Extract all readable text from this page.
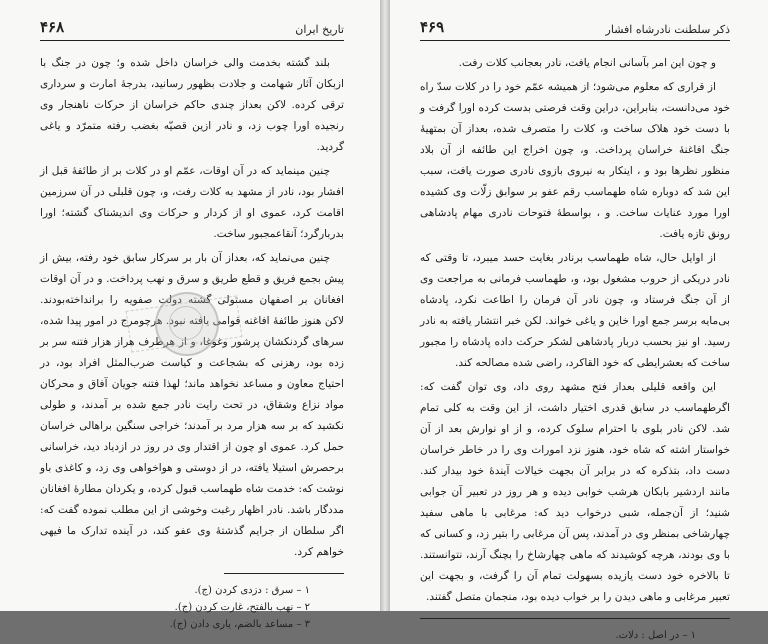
۴۶۸	تاریخ ایران

بلند گشته بخدمت والی خراسان داخل شده و؛ چون در جنگ با ازبکان آثار شهامت و جلادت بظهور رسانید، بدرجهٔ امارت و سرداری ترقی کرده. لاکن بعداز چندی حاکم خراسان از حرکات ناهنجار وی رنجیده اورا چوب زد، و نادر ازین قصیّه بغضب رفته متمرّد و یاغی گردید.

چنین مینماید که در آن اوقات، عمّم او در کلات بر از طائفهٔ قبل از افشار بود، نادر از مشهد به کلات رفت، و، چون قلبلی در آن سرزمین اقامت کرد، عموی او از کردار و حرکات وی اندیشناک گشته؛ اورا بدربارگرد؛ آنقاعمجبور ساخت.

چنین می‌نماید که، بعداز آن بار بر سرکار سابق خود رفته، بیش از پیش بجمع فریق و قطع طریق و سرق و نهب پرداخت. و در آن اوقات افغانان بر اصفهان مستولی گشته دولت صفویه را برانداخته‌بودند. لاکن هنوز طائفهٔ افاغنه قوامی یافته نبود. هرچومرج در امور پیدا شده، سرهای گردنکشان پرشور وغوغا، و از هرطرف هراز هزار فتنه سر بر زده بود، رهزنی که بشجاعت و کیاست ضرب‌المثل افراد بود، در احتیاج معاون و مساعد نخواهد ماند؛ لهذا فتنه جویان آفاق و محرکان مواد نزاع وشقاق، در تحت رایت نادر جمع شده بر آمدند، و طولی نکشید که بر سه هزار مرد بر آمدند؛ خراجی سنگین براهالی خراسان حمل کرد. عموی او چون از اقتدار وی در روز در ازدیاد دید، خراسانی برحصرش استیلا یافته، در از دوستی و هواخواهی وی زد، و کاغذی باو نوشت که: خدمت شاه طهماسب قبول کرده، و یکردان مطارهٔ افغانان مددگار باشد. نادر اظهار رغبت وخوشی از این مطلب نموده گفت که: اگر سلطان از جرایم گذشتهٔ وی عفو کند، در آینده تدارک ما فیهی خواهم کرد.

۱ – سرق : دزدی کردن (ج).
۲ – نهب بالفتح، غارت کردن (ج).
۳ – مساعد بالضم، یاری دادن (ج).
۴۶۹	ذکر سلطنت نادرشاه افشار

و چون این امر بآسانی انجام یافت، نادر بعجانب کلات رفت.

از قراری که معلوم می‌شود؛ از همیشه عمّم خود را در کلات سدّ راه خود می‌دانست، بنابراین، دراین وقت فرصتی بدست کرده اورا گرفت و با دست خود هلاک ساخت و، کلات را متصرف شده، بعداز آن بمتهیهٔ جنگ افاغنهٔ خراسان پرداخت. و، چون اخراج این طائفه از آن بلاد منظور نظرها بود و ، اینکار به نیروی بازوی نادری صورت یافت، سبب این شد که دوباره شاه طهماسب رقم عفو بر سوابق زلّات وی کشیده اورا مورد عنایات ساخت. و ، بواسطهٔ فتوحات نادری مهام پادشاهی رونق تازه یافت.

از اوایل حال، شاه طهماسب برنادر بغایت حسد میبرد، تا وقتی که نادر دریکی از حروب مشغول بود، و، طهماسب فرمانی به مراجعت وی از آن جنگ فرستاد و، چون نادر آن فرمان را اطاعت نکرد، پادشاه بی‌مایه برسر جمع اورا خاین و یاغی خواند. لکن خبر انتشار یافته به نادر رسید. او نیز بحسب دربار پادشاهی لشکر حرکت داده پادشاه را مجبور ساخت که بعشرایطی که خود القاکرد، راضی شده مصالحه کند.

این واقعه قلیلی بعداز فتح مشهد روی داد، وی توان گفت که: اگرطهماسب در سابق قدری اختیار داشت، از این وقت به کلی تمام شد. لاکن نادر بلوی با احترام سلوک کرده، و از او نوارش بعد از آن خواستار اشته که شاه خود، هنوز نزد امورات وی را در خاطر خراسان دست داد، بتذکره که در برابر آن بجهت خیالات آیندهٔ خود بیدار کند. مانند اردشیر بابکان هرشب خوابی دیده و هر روز در تعبیر آن جوابی شنید؛ از آن‌جمله، شبی درخواب دید که: مرغابی با ماهی سفید چهارشاخی بمنظر وی در آمدند، پس آن مرغابی را بتیر زد، و کسانی که با وی بودند، هرچه کوشیدند که ماهی چهارشاخ را بچنگ آرند، نتوانستند. تا بالاخره خود دست یازیده بسهولت تمام آن را گرفت، و بجهت این تعبیر مرغابی و ماهی دیدن را بر خواب دیده بود، منجمان متصل گفتند.

۱ – در اصل : دلات.
